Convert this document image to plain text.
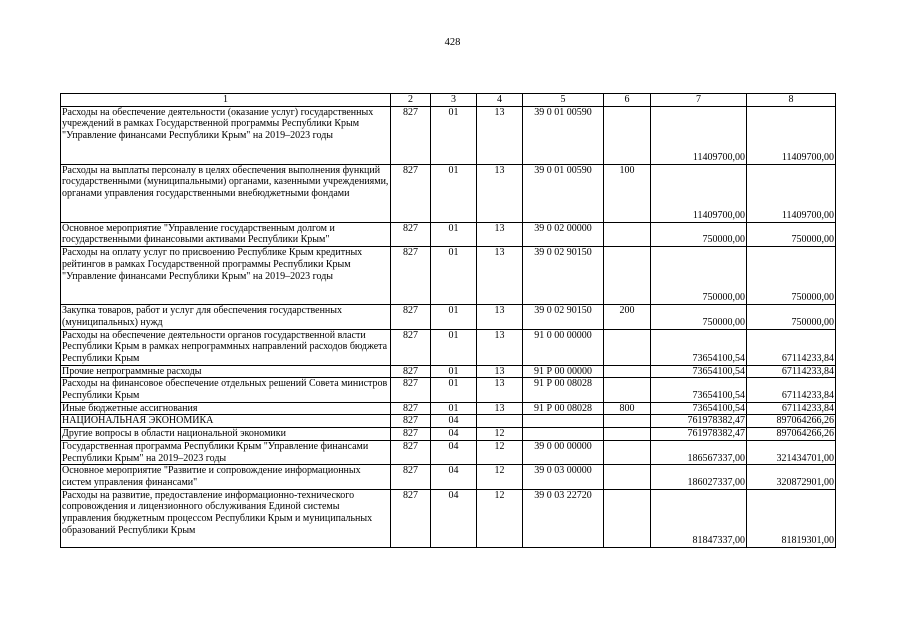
428
1	2	3	4	5	6	7	8
Расходы на обеспечение деятельности (оказание услуг) государственных учреждений в рамках Государственной программы Республики Крым "Управление финансами Республики Крым" на 2019–2023 годы	827	01	13	39 0 01 00590		11409700,00	11409700,00
Расходы на выплаты персоналу в целях обеспечения выполнения функций государственными (муниципальными) органами, казенными учреждениями, органами управления государственными внебюджетными фондами	827	01	13	39 0 01 00590	100	11409700,00	11409700,00
Основное мероприятие "Управление государственным долгом и государственными финансовыми активами Республики Крым"	827	01	13	39 0 02 00000		750000,00	750000,00
Расходы на оплату услуг по присвоению Республике Крым кредитных рейтингов в рамках Государственной программы Республики Крым "Управление финансами Республики Крым" на 2019–2023 годы	827	01	13	39 0 02 90150		750000,00	750000,00
Закупка товаров, работ и услуг для обеспечения государственных (муниципальных) нужд	827	01	13	39 0 02 90150	200	750000,00	750000,00
Расходы на обеспечение деятельности органов государственной власти Республики Крым в рамках непрограммных направлений расходов бюджета Республики Крым	827	01	13	91 0 00 00000		73654100,54	67114233,84
Прочие непрограммные расходы	827	01	13	91 Р 00 00000		73654100,54	67114233,84
Расходы на финансовое обеспечение отдельных решений Совета министров Республики Крым	827	01	13	91 Р 00 08028		73654100,54	67114233,84
Иные бюджетные ассигнования	827	01	13	91 Р 00 08028	800	73654100,54	67114233,84
НАЦИОНАЛЬНАЯ ЭКОНОМИКА	827	04				761978382,47	897064266,26
Другие вопросы в области национальной экономики	827	04	12			761978382,47	897064266,26
Государственная программа Республики Крым "Управление финансами Республики Крым" на 2019–2023 годы	827	04	12	39 0 00 00000		186567337,00	321434701,00
Основное мероприятие "Развитие и сопровождение информационных систем управления финансами"	827	04	12	39 0 03 00000		186027337,00	320872901,00
Расходы на развитие, предоставление информационно-технического сопровождения и лицензионного обслуживания Единой системы управления бюджетным процессом Республики Крым и муниципальных образований Республики Крым	827	04	12	39 0 03 22720		81847337,00	81819301,00
